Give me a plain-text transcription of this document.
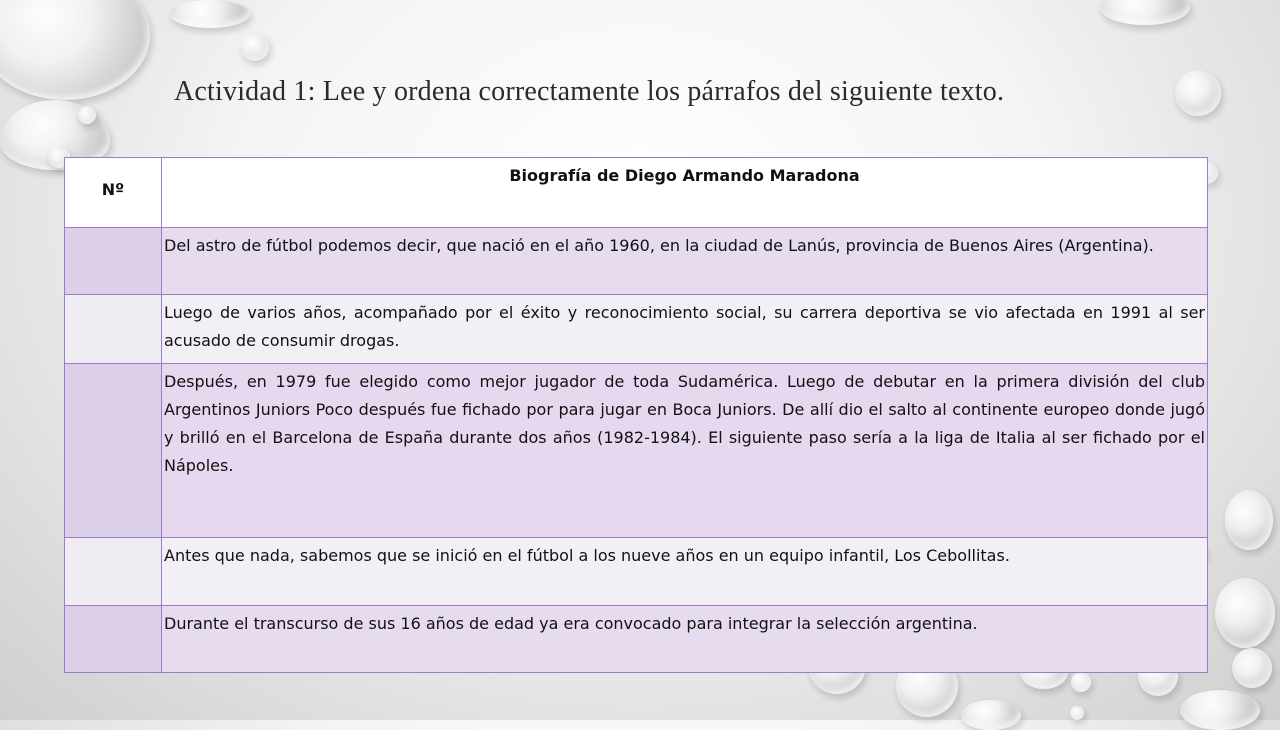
Actividad 1: Lee y ordena correctamente los párrafos del siguiente texto.
Nº	Biografía de Diego Armando Maradona
	Del astro de fútbol podemos decir, que nació en el año 1960, en la ciudad de Lanús, provincia de Buenos Aires (Argentina).
	Luego de varios años, acompañado por el éxito y reconocimiento social, su carrera deportiva se vio afectada en 1991 al ser acusado de consumir drogas.
	Después, en 1979 fue elegido como mejor jugador de toda Sudamérica. Luego de debutar en la primera división del club Argentinos Juniors Poco después fue fichado por para jugar en Boca Juniors. De allí dio el salto al continente europeo donde jugó y brilló en el Barcelona de España durante dos años (1982-1984). El siguiente paso sería a la liga de Italia al ser fichado por el Nápoles.
	Antes que nada, sabemos que se inició en el fútbol a los nueve años en un equipo infantil, Los Cebollitas.
	Durante el transcurso de sus 16 años de edad ya era convocado para integrar la selección argentina.
